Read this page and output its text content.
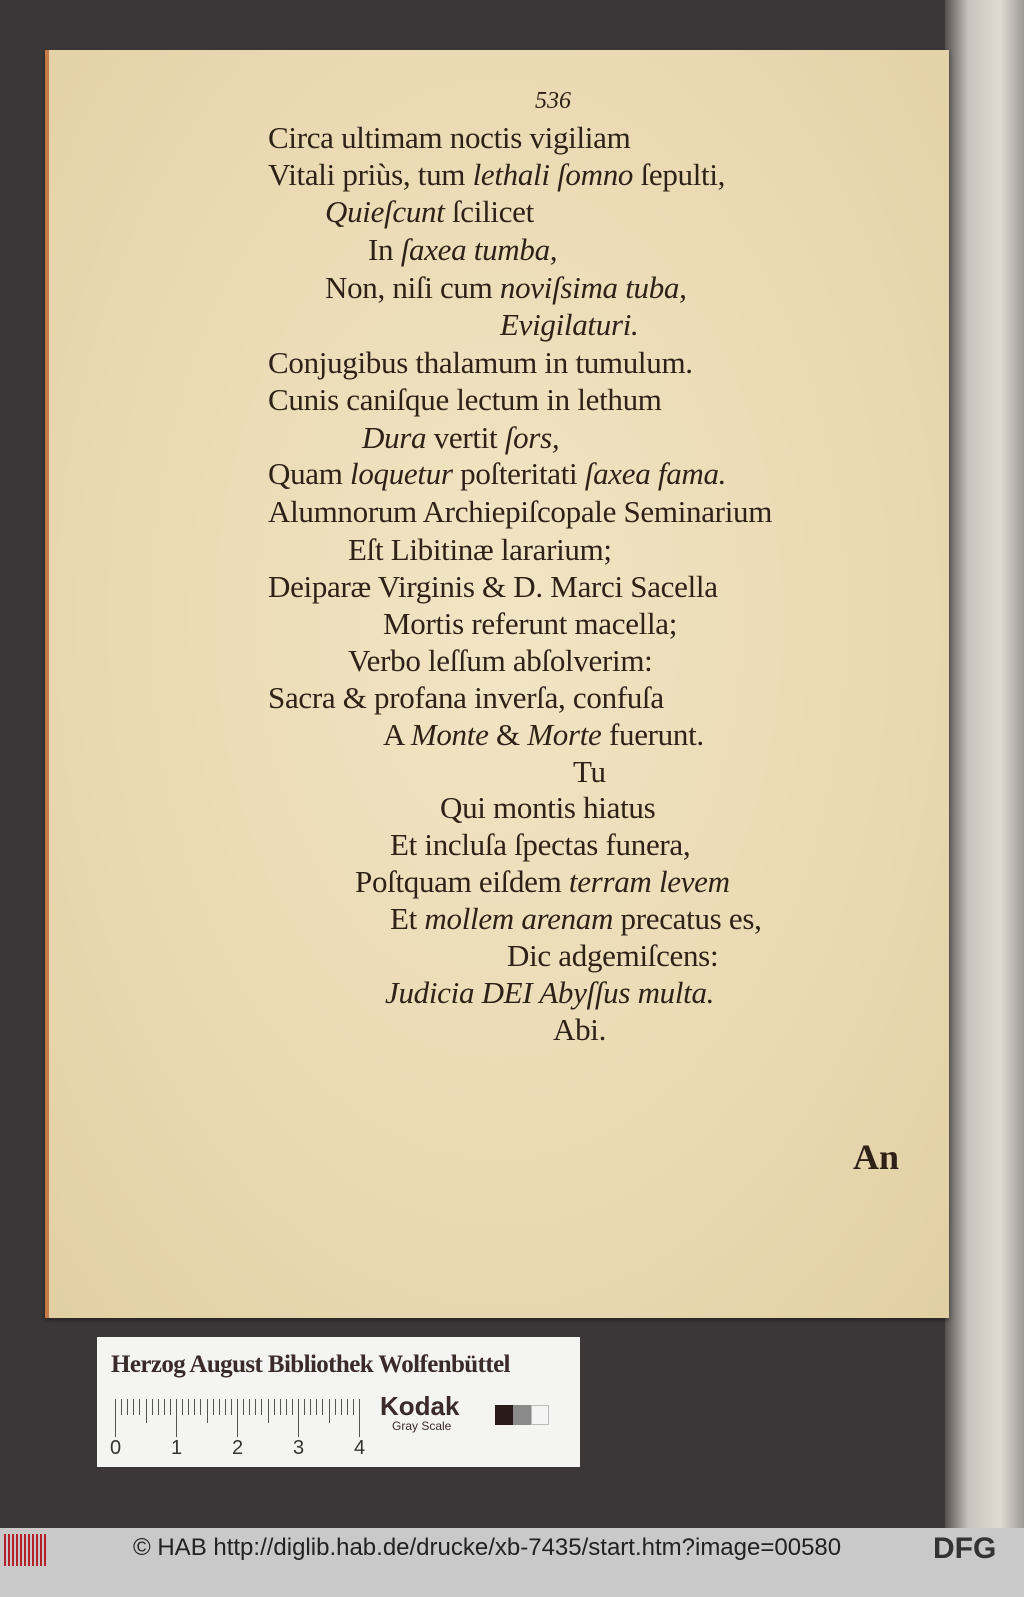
536
Circa ultimam noctis vigiliam
Vitali priùs, tum lethali ſomno ſepulti,
Quieſcunt ſcilicet
In ſaxea tumba,
Non, niſi cum noviſsima tuba,
Evigilaturi.
Conjugibus thalamum in tumulum.
Cunis caniſque lectum in lethum
Dura vertit ſors,
Quam loquetur poſteritati ſaxea fama.
Alumnorum Archiepiſcopale Seminarium
Eſt Libitinæ lararium;
Deiparæ Virginis & D. Marci Sacella
Mortis referunt macella;
Verbo leſſum abſolverim:
Sacra & profana inverſa, confuſa
A Monte & Morte fuerunt.
Tu
Qui montis hiatus
Et incluſa ſpectas funera,
Poſtquam eiſdem terram levem
Et mollem arenam precatus es,
Dic adgemiſcens:
Judicia DEI Abyſſus multa.
Abi.
An
Herzog August Bibliothek Wolfenbüttel
Kodak
Gray Scale
0 1 2 3 4
© HAB http://diglib.hab.de/drucke/xb-7435/start.htm?image=00580	DFG
